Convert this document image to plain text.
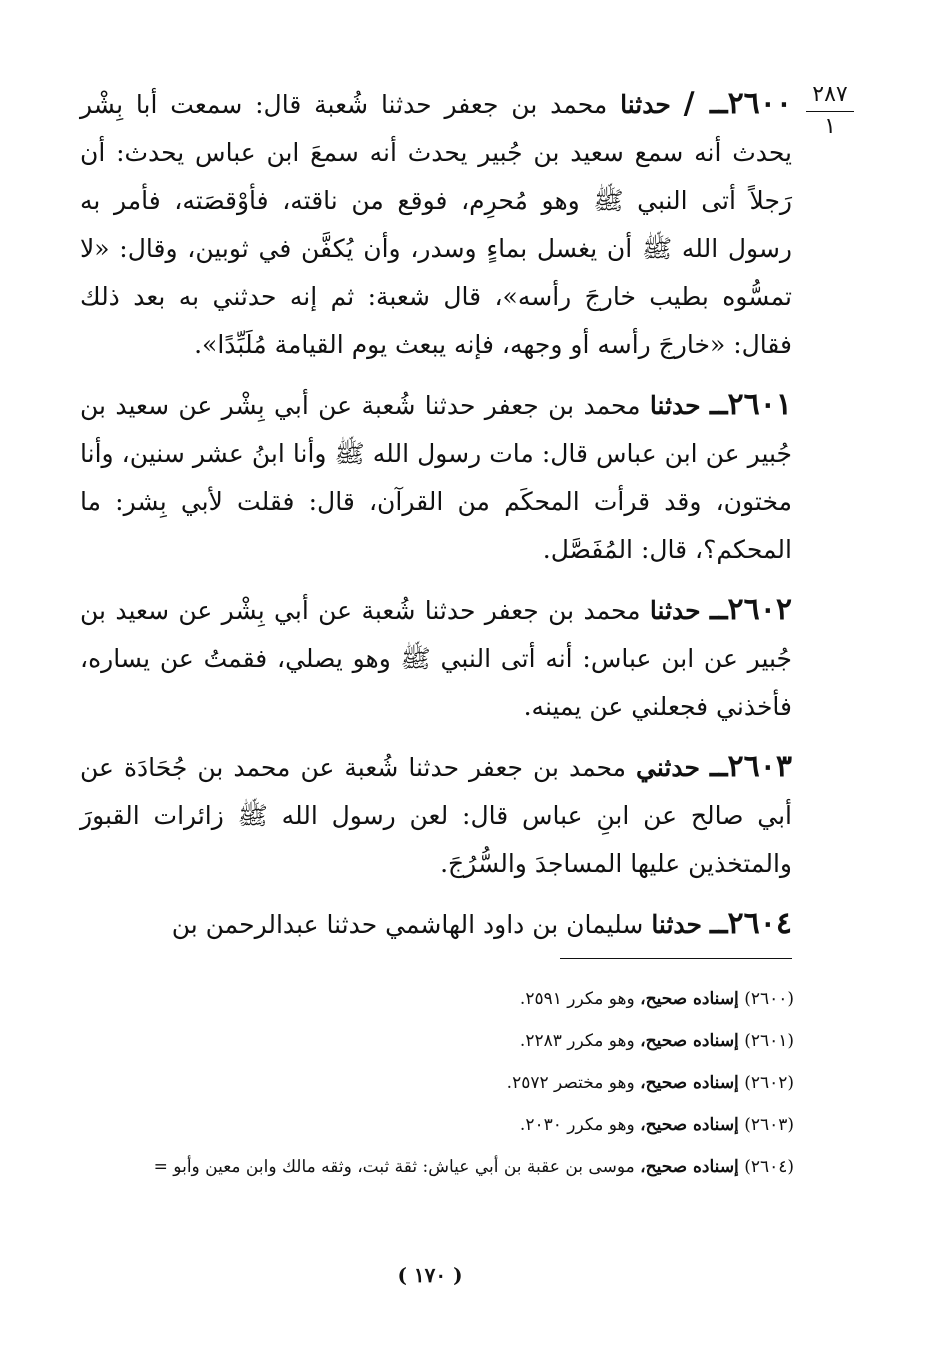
٢٨٧
١

٢٦٠٠ــ / حدثنا محمد بن جعفر حدثنا شُعبة قال: سمعت أبا بِشْر يحدث أنه سمع سعيد بن جُبير يحدث أنه سمعَ ابن عباس يحدث: أن رَجلاً أتى النبي ﷺ وهو مُحرِم، فوقع من ناقته، فأوْقصَته، فأمر به رسول الله ﷺ أن يغسل بماءٍ وسدر، وأن يُكفَّن في ثوبين، وقال: «لا تمسُّوه بطيب خارجَ رأسه»، قال شعبة: ثم إنه حدثني به بعد ذلك فقال: «خارجَ رأسه أو وجهه، فإنه يبعث يوم القيامة مُلَبِّدًا».

٢٦٠١ــ حدثنا محمد بن جعفر حدثنا شُعبة عن أبي بِشْر عن سعيد بن جُبير عن ابن عباس قال: مات رسول الله ﷺ وأنا ابنُ عشر سنين، وأنا مختون، وقد قرأت المحكَم من القرآن، قال: فقلت لأبي بِشر: ما المحكم؟، قال: المُفَصَّل.

٢٦٠٢ــ حدثنا محمد بن جعفر حدثنا شُعبة عن أبي بِشْر عن سعيد بن جُبير عن ابن عباس: أنه أتى النبي ﷺ وهو يصلي، فقمتُ عن يساره، فأخذني فجعلني عن يمينه.

٢٦٠٣ــ حدثني محمد بن جعفر حدثنا شُعبة عن محمد بن جُحَادَة عن أبي صالح عن ابنِ عباس قال: لعن رسول الله ﷺ زائرات القبورَ والمتخذين عليها المساجدَ والسُّرُجَ.

٢٦٠٤ــ حدثنا سليمان بن داود الهاشمي حدثنا عبدالرحمن بن

(٢٦٠٠) إسناده صحيح، وهو مكرر ٢٥٩١.
(٢٦٠١) إسناده صحيح، وهو مكرر ٢٢٨٣.
(٢٦٠٢) إسناده صحيح، وهو مختصر ٢٥٧٢.
(٢٦٠٣) إسناده صحيح، وهو مكرر ٢٠٣٠.
(٢٦٠٤) إسناده صحيح، موسى بن عقبة بن أبي عياش: ثقة ثبت، وثقه مالك وابن معين وأبو =
( ١٧٠ )
